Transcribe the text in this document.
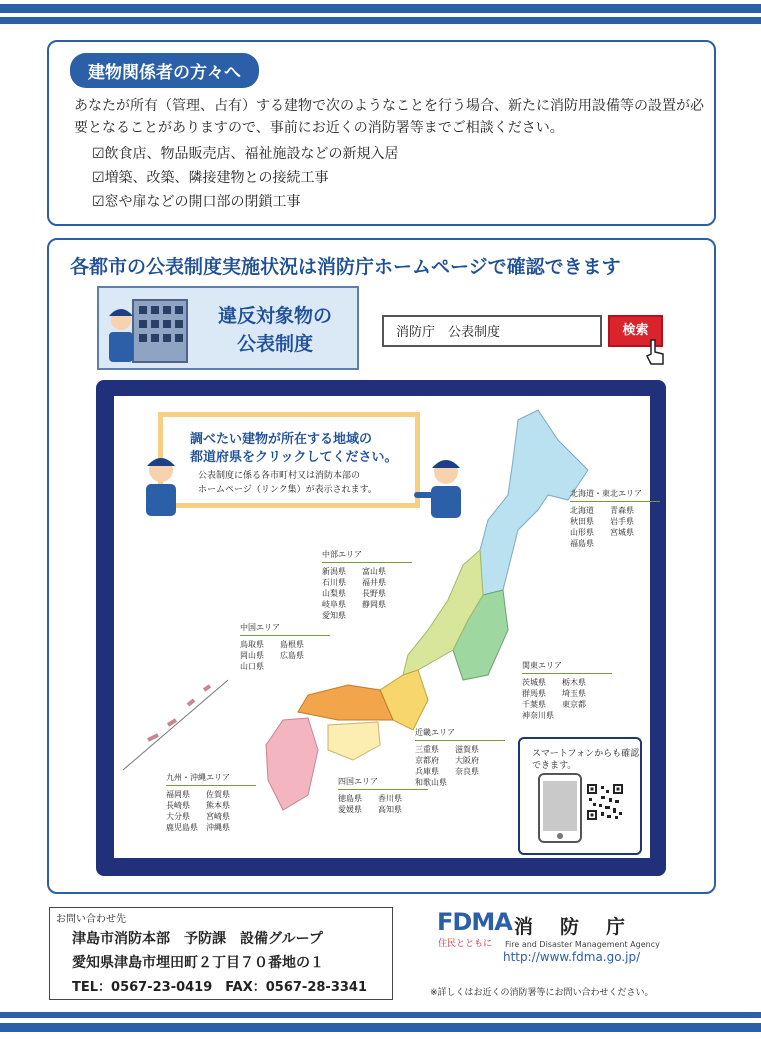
建物関係者の方々へ
あなたが所有（管理、占有）する建物で次のようなことを行う場合、新たに消防用設備等の設置が必要となることがありますので、事前にお近くの消防署等までご相談ください。
☑飲食店、物品販売店、福祉施設などの新規入居
☑増築、改築、隣接建物との接続工事
☑窓や扉などの開口部の閉鎖工事
各都市の公表制度実施状況は消防庁ホームページで確認できます
違反対象物の
公表制度
消防庁　公表制度	検索
調べたい建物が所在する地域の
都道府県をクリックしてください。
公表制度に係る各市町村又は消防本部の
ホームページ（リンク集）が表示されます。	北海道・東北エリア
北海道	青森県
秋田県	岩手県
山形県	宮城県
福島県
中部エリア
新潟県	富山県
石川県	福井県
山梨県	長野県
岐阜県	静岡県
愛知県
中国エリア
鳥取県	島根県
岡山県	広島県
山口県	関東エリア
茨城県	栃木県
群馬県	埼玉県
千葉県	東京都
神奈川県
近畿エリア
三重県	滋賀県
京都府	大阪府
兵庫県	奈良県
和歌山県
四国エリア
徳島県	香川県
愛媛県	高知県
九州・沖縄エリア
福岡県	佐賀県
長崎県	熊本県
大分県	宮崎県
鹿児島県	沖縄県
スマートフォンからも確認
できます。
お問い合わせ先
津島市消防本部　予防課　設備グループ
愛知県津島市埋田町２丁目７０番地の１
TEL：0567-23-0419　FAX：0567-28-3341
FDMA
住民とともに
消　防　庁
Fire and Disaster Management Agency
http://www.fdma.go.jp/
※詳しくはお近くの消防署等にお問い合わせください。
